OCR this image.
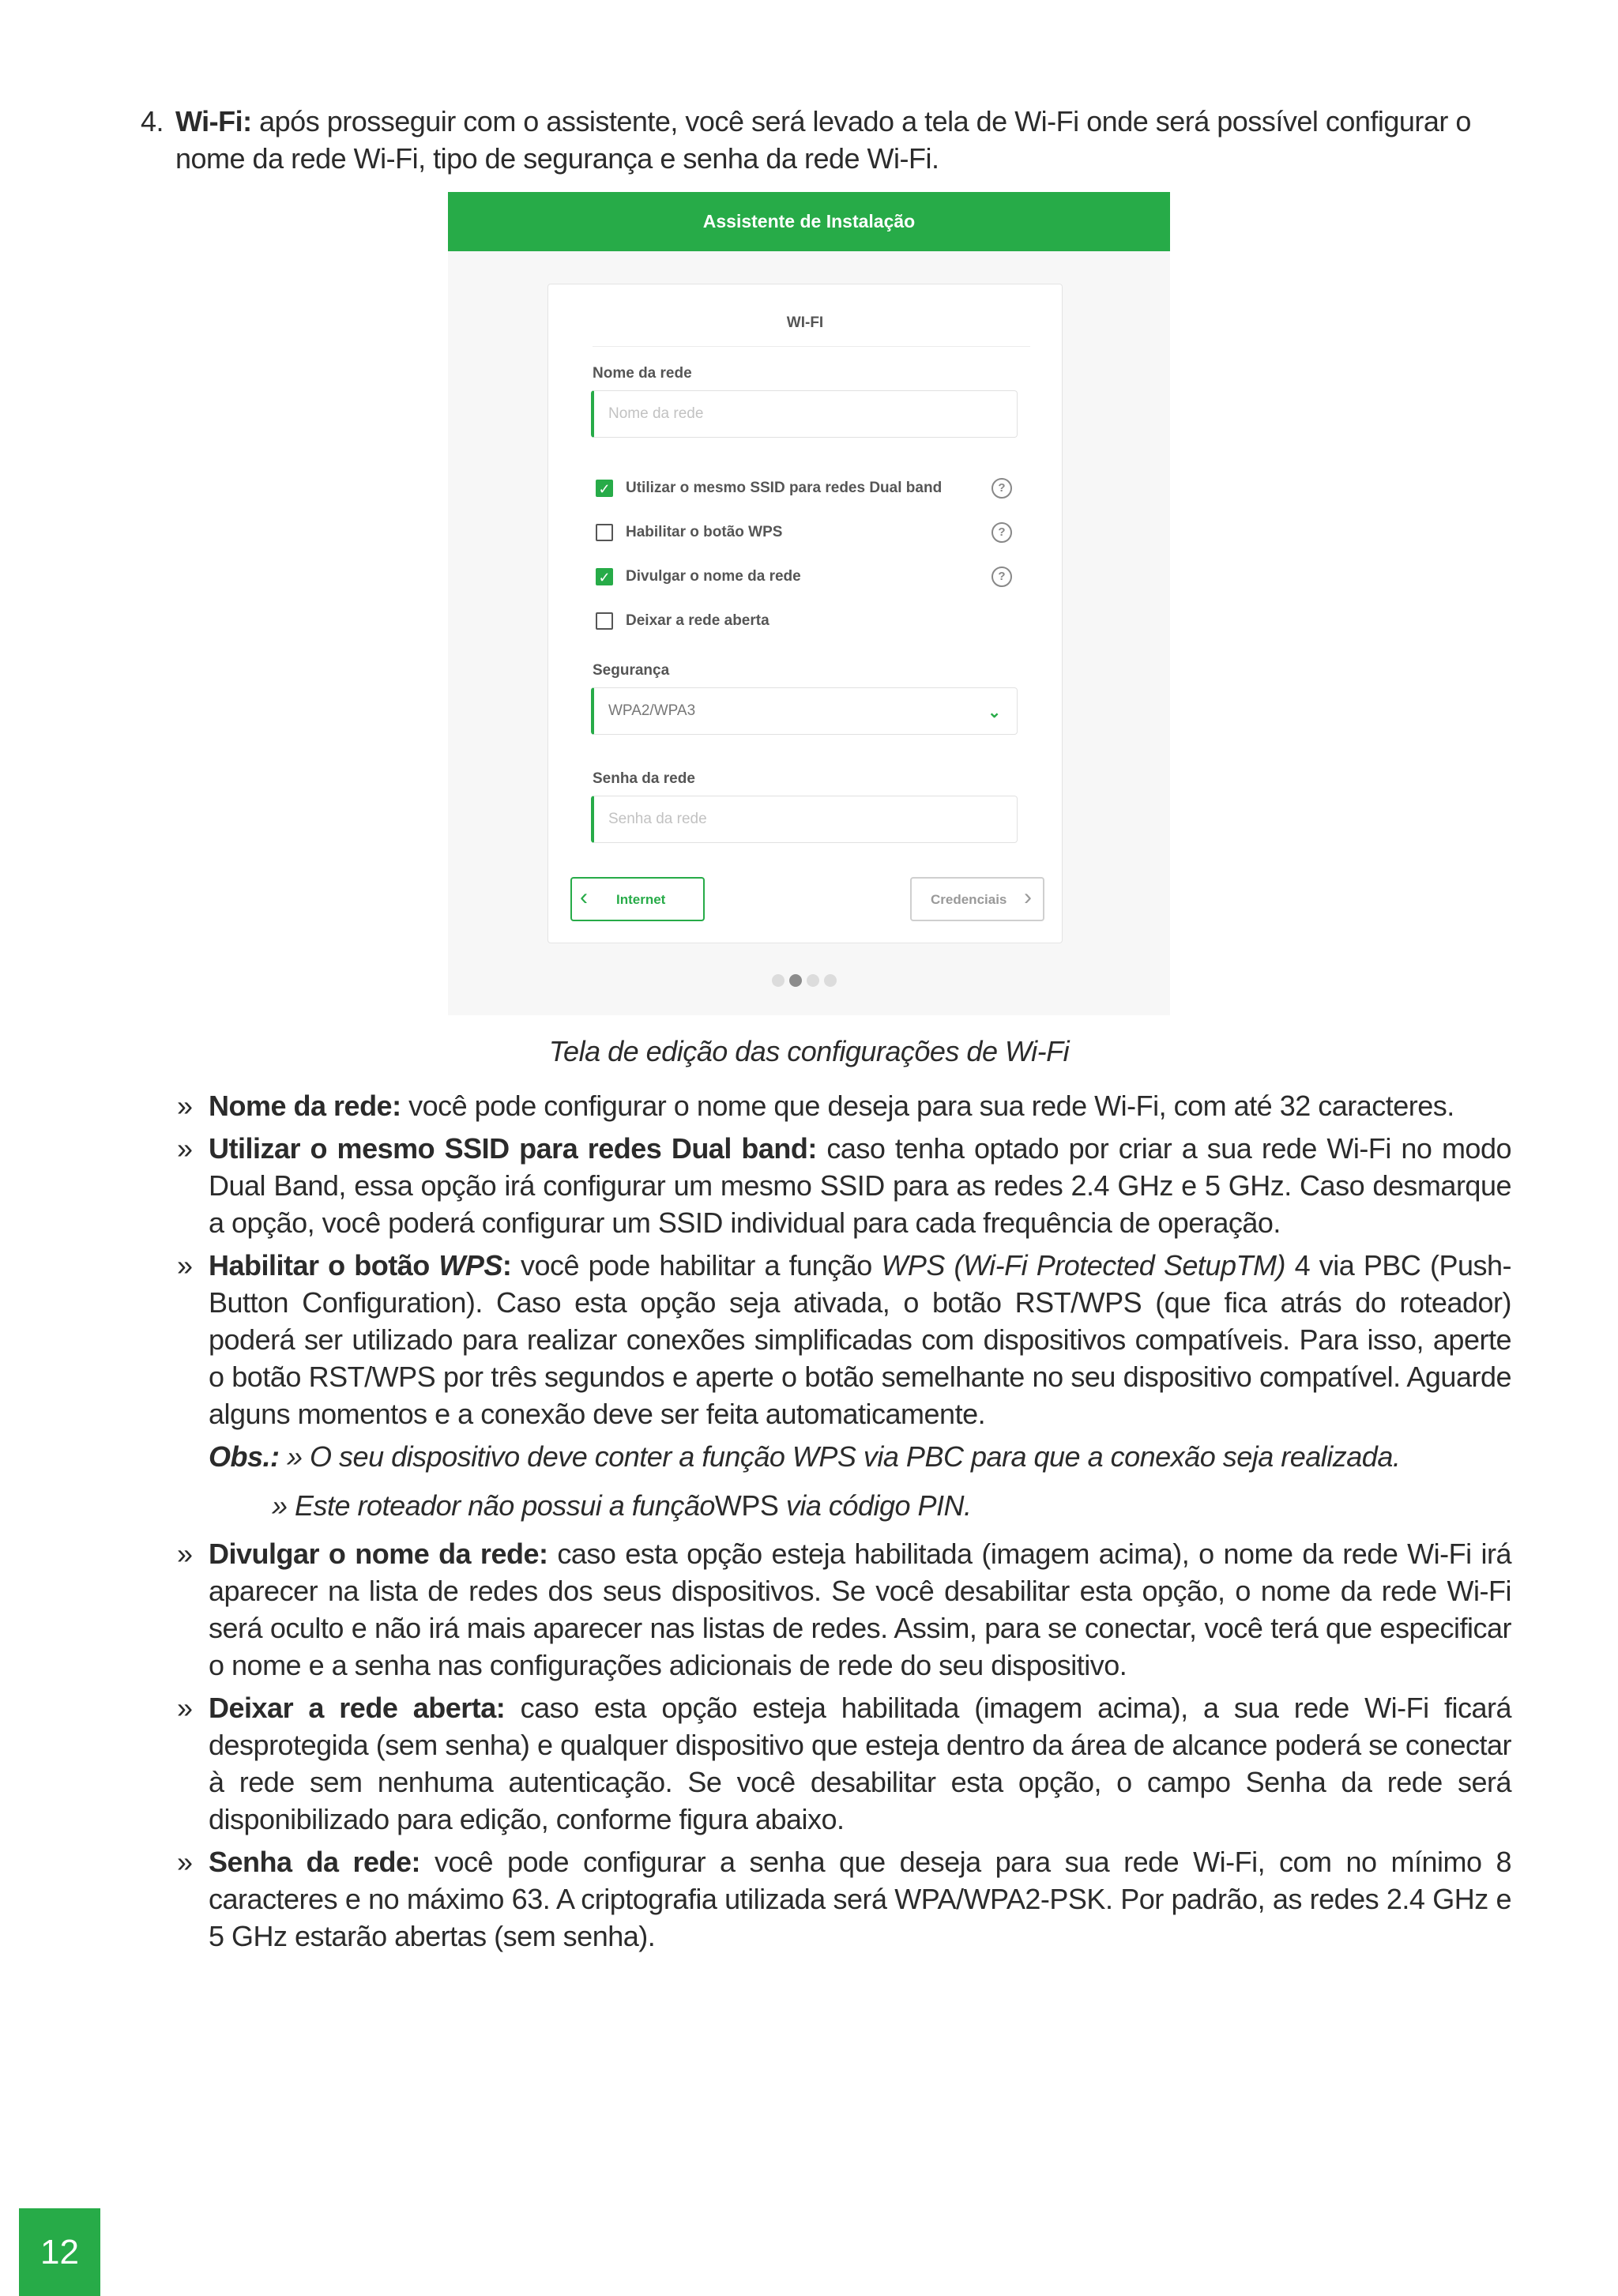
4. Wi-Fi: após prosseguir com o assistente, você será levado a tela de Wi-Fi onde será possível configurar o nome da rede Wi-Fi, tipo de segurança e senha da rede Wi-Fi.
Assistente de Instalação
WI-FI
Nome da rede
Nome da rede
✓ Utilizar o mesmo SSID para redes Dual band	?
Habilitar o botão WPS	?
✓ Divulgar o nome da rede	?
Deixar a rede aberta
Segurança
WPA2/WPA3	⌄
Senha da rede
Senha da rede
‹ Internet	Credenciais ›
Tela de edição das configurações de Wi-Fi
» Nome da rede: você pode configurar o nome que deseja para sua rede Wi-Fi, com até 32 caracteres.
» Utilizar o mesmo SSID para redes Dual band: caso tenha optado por criar a sua rede Wi-Fi no modo Dual Band, essa opção irá configurar um mesmo SSID para as redes 2.4 GHz e 5 GHz. Caso desmarque a opção, você poderá configurar um SSID individual para cada frequência de operação.
» Habilitar o botão WPS: você pode habilitar a função WPS (Wi-Fi Protected SetupTM) 4 via PBC (Push-Button Configuration). Caso esta opção seja ativada, o botão RST/WPS (que fica atrás do roteador) poderá ser utilizado para realizar conexões simplificadas com dispositivos compatíveis. Para isso, aperte o botão RST/WPS por três segundos e aperte o botão semelhante no seu dispositivo compatível. Aguarde alguns momentos e a conexão deve ser feita automaticamente.
Obs.: » O seu dispositivo deve conter a função WPS via PBC para que a conexão seja realizada.
» Este roteador não possui a funçãoWPS via código PIN.
» Divulgar o nome da rede: caso esta opção esteja habilitada (imagem acima), o nome da rede Wi-Fi irá aparecer na lista de redes dos seus dispositivos. Se você desabilitar esta opção, o nome da rede Wi-Fi será oculto e não irá mais aparecer nas listas de redes. Assim, para se conectar, você terá que especificar o nome e a senha nas configurações adicionais de rede do seu dispositivo.
» Deixar a rede aberta: caso esta opção esteja habilitada (imagem acima), a sua rede Wi-Fi ficará desprotegida (sem senha) e qualquer dispositivo que esteja dentro da área de alcance poderá se conectar à rede sem nenhuma autenticação. Se você desabilitar esta opção, o campo Senha da rede será disponibilizado para edição, conforme figura abaixo.
» Senha da rede: você pode configurar a senha que deseja para sua rede Wi-Fi, com no mínimo 8 caracteres e no máximo 63. A criptografia utilizada será WPA/WPA2-PSK. Por padrão, as redes 2.4 GHz e 5 GHz estarão abertas (sem senha).
12
